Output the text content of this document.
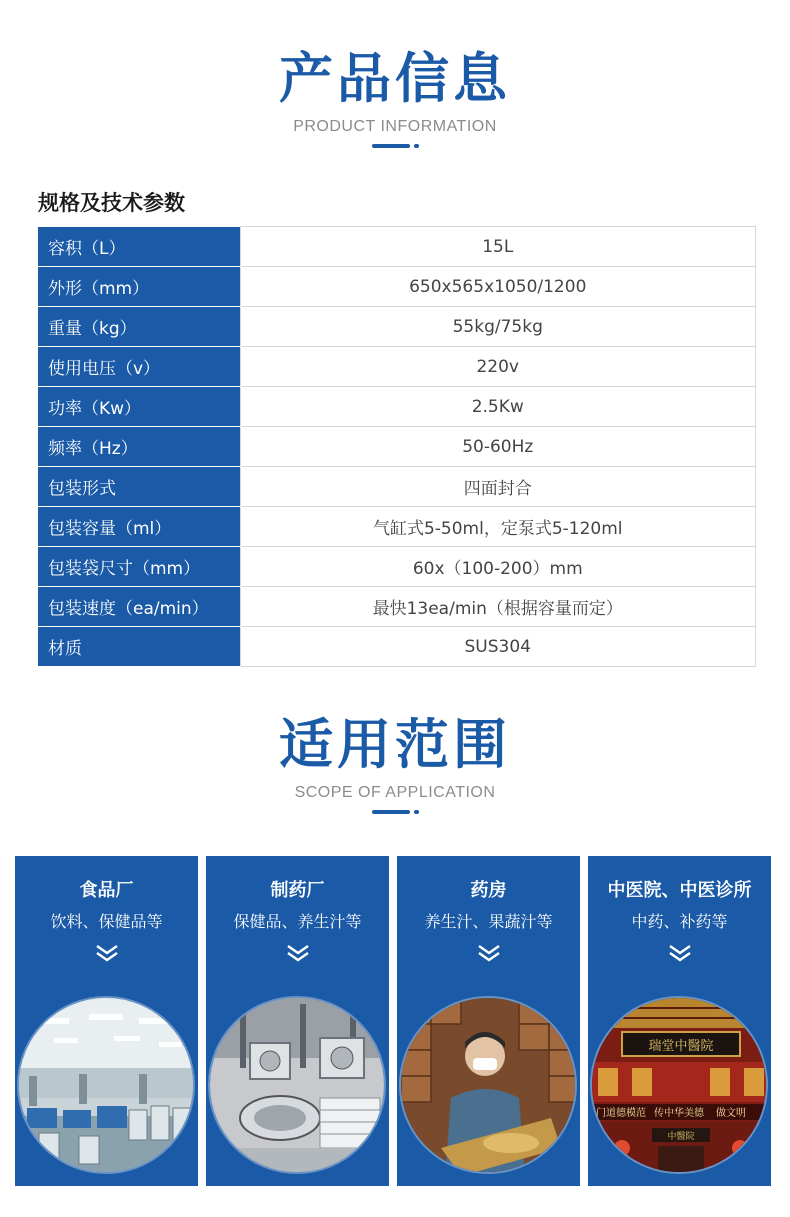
产品信息
PRODUCT INFORMATION
规格及技术参数
容积（L）	15L
外形（mm）	650x565x1050/1200
重量（kg）	55kg/75kg
使用电压（v）	220v
功率（Kw）	2.5Kw
频率（Hz）	50-60Hz
包装形式	四面封合
包装容量（ml）	气缸式5-50ml，定泵式5-120ml
包装袋尺寸（mm）	60x（100-200）mm
包装速度（ea/min）	最快13ea/min（根据容量而定）
材质	SUS304
适用范围
SCOPE OF APPLICATION
食品厂
饮料、保健品等
制药厂
保健品、养生汁等
药房
养生汁、果蔬汁等
中医院、中医诊所
中药、补药等
瑞堂中醫院
门道德模范 传中华美德 做文明
中醫院
